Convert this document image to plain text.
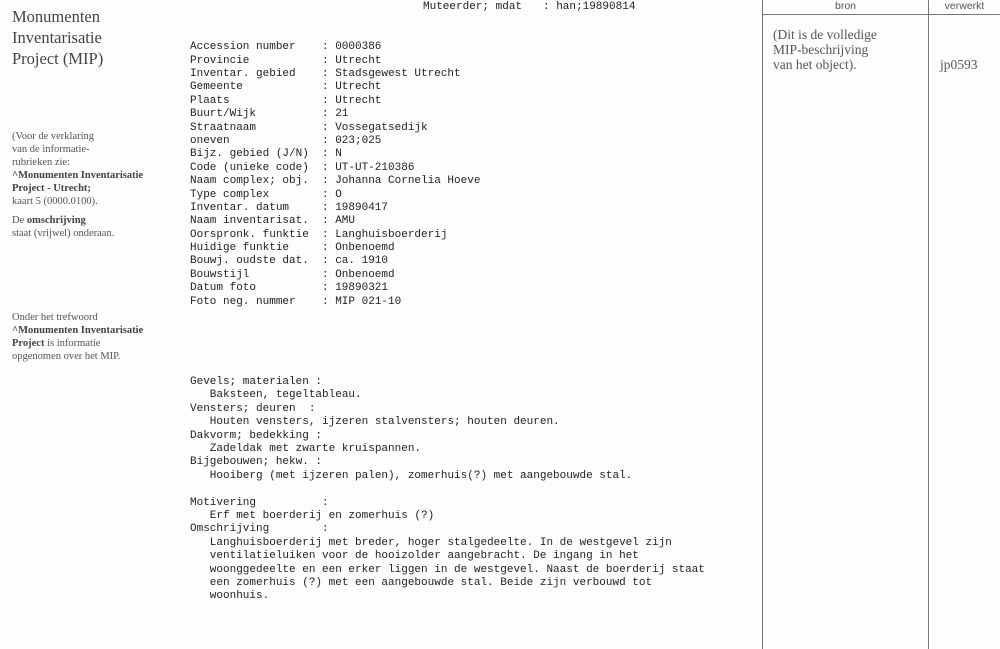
Monumenten
Inventarisatie
Project (MIP)
(Voor de verklaring
van de informatie-
rubrieken zie:
^Monumenten Inventarisatie
Project - Utrecht;
kaart 5 (0000.0100).
De omschrijving
staat (vrijwel) onderaan.
Onder het trefwoord
^Monumenten Inventarisatie
Project is informatie
opgenomen over het MIP.

Muteerder; mdat : han;19890814

Accession number : 0000386
Provincie	: Utrecht
Inventar. gebied : Stadsgewest Utrecht
Gemeente	: Utrecht
Plaats	: Utrecht
Buurt/Wijk	: 21
Straatnaam	: Vossegatsedijk
oneven	: 023;025
Bijz. gebied (J/N) : N
Code (unieke code) : UT-UT-210386
Naam complex; obj. : Johanna Cornelia Hoeve
Type complex	: O
Inventar. datum	: 19890417
Naam inventarisat. : AMU
Oorspronk. funktie : Langhuisboerderij
Huidige funktie	: Onbenoemd
Bouwj. oudste dat. : ca. 1910
Bouwstijl	: Onbenoemd
Datum foto	: 19890321
Foto neg. nummer : MIP 021-10

Gevels; materialen :
Baksteen, tegeltableau.
Vensters; deuren  :
Houten vensters, ijzeren stalvensters; houten deuren.
Dakvorm; bedekking :
Zadeldak met zwarte kruispannen.
Bijgebouwen; hekw. :
Hooiberg (met ijzeren palen), zomerhuis(?) met aangebouwde stal.
Motivering          :
Erf met boerderij en zomerhuis (?)
Omschrijving        :
Langhuisboerderij met breder, hoger stalgedeelte. In de westgevel zijn
ventilatieluiken voor de hooizolder aangebracht. De ingang in het
woonggedeelte en een erker liggen in de westgevel. Naast de boerderij staat
een zomerhuis (?) met een aangebouwde stal. Beide zijn verbouwd tot
woonhuis.

bron	verwerkt
(Dit is de volledige
MIP-beschrijving
van het object).	jp0593
